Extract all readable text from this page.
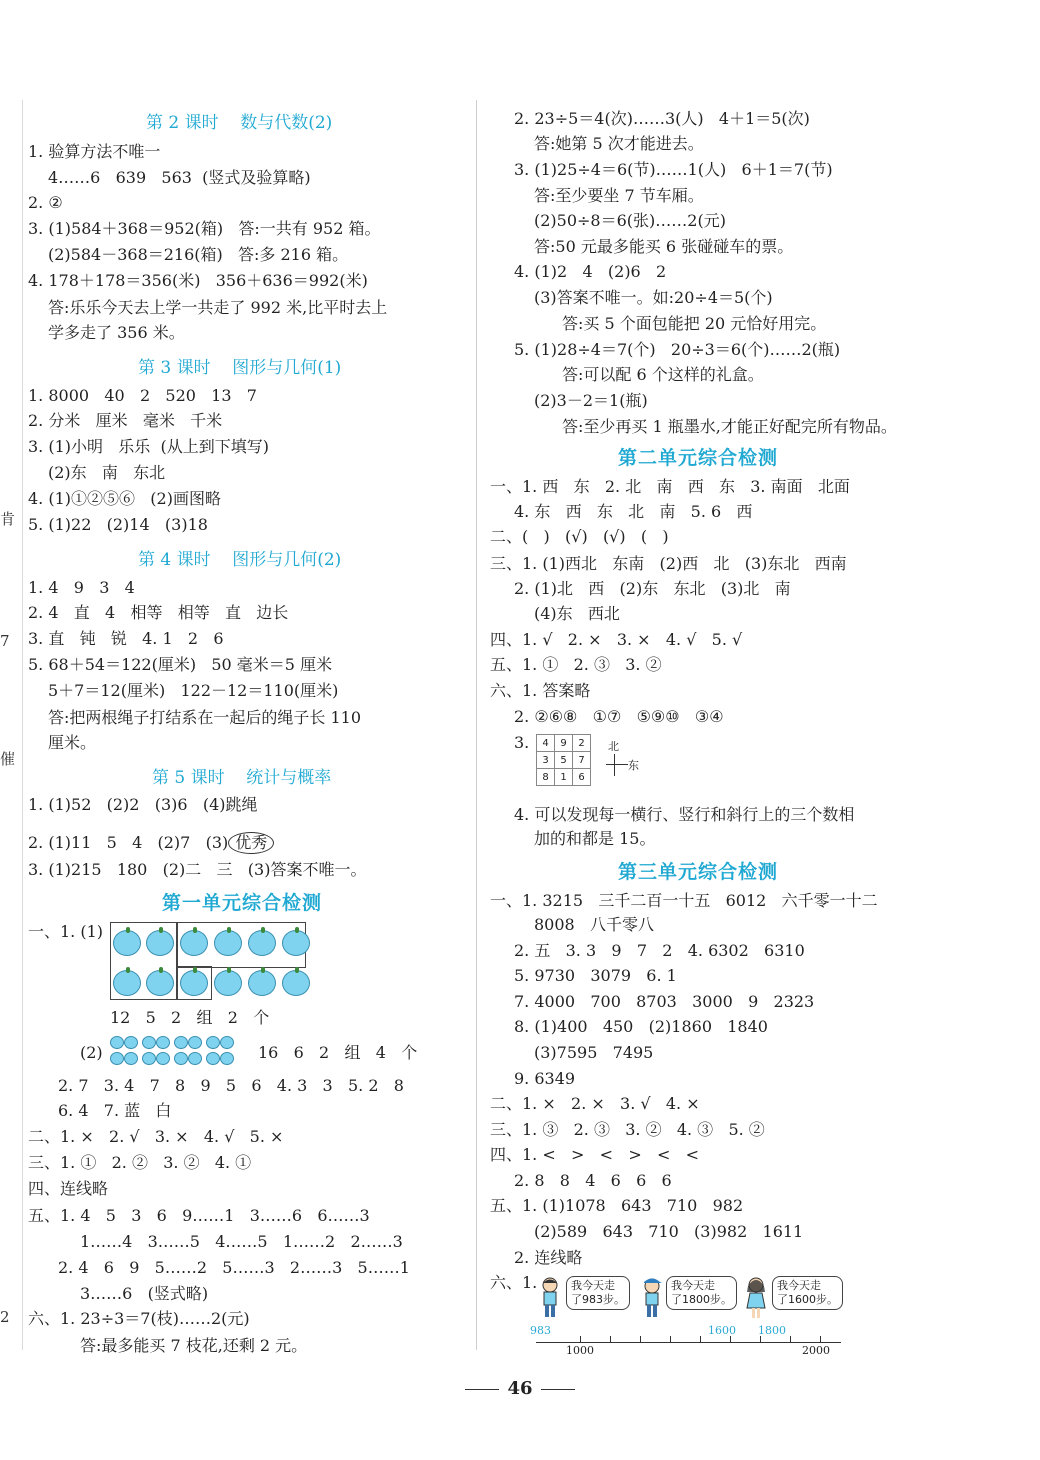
肯
7
催
2
第 2 课时    数与代数(2)
1. 验算方法不唯一
4……6   639   563  (竖式及验算略)
2. ②
3. (1)584＋368＝952(箱)   答:一共有 952 箱。
(2)584－368＝216(箱)   答:多 216 箱。
4. 178＋178＝356(米)   356＋636＝992(米)
答:乐乐今天去上学一共走了 992 米,比平时去上
学多走了 356 米。
第 3 课时    图形与几何(1)
1. 8000   40   2   520   13   7
2. 分米   厘米   毫米   千米
3. (1)小明   乐乐  (从上到下填写)
(2)东   南   东北
4. (1)①②⑤⑥   (2)画图略
5. (1)22   (2)14   (3)18
第 4 课时    图形与几何(2)
1. 4   9   3   4
2. 4   直   4   相等   相等   直   边长
3. 直   钝   锐   4. 1   2   6
5. 68＋54＝122(厘米)   50 毫米＝5 厘米
5＋7＝12(厘米)   122－12＝110(厘米)
答:把两根绳子打结系在一起后的绳子长 110
厘米。
第 5 课时    统计与概率
1. (1)52   (2)2   (3)6   (4)跳绳
2. (1)11   5   4   (2)7   (3) 优秀
3. (1)215   180   (2)二   三   (3)答案不唯一。
第一单元综合检测
一、1. (1)
12   5   2   组   2   个
(2)	16   6   2   组   4   个
2. 7   3. 4   7   8   9   5   6   4. 3   3   5. 2   8
6. 4   7. 蓝   白
二、1. ×   2. √   3. ×   4. √   5. ×
三、1. ①   2. ②   3. ②   4. ①
四、连线略
五、1. 4   5   3   6   9……1   3……6   6……3
1……4   3……5   4……5   1……2   2……3
2. 4   6   9   5……2   5……3   2……3   5……1
3……6   (竖式略)
六、1. 23÷3＝7(枝)……2(元)
答:最多能买 7 枝花,还剩 2 元。
2. 23÷5＝4(次)……3(人)   4＋1＝5(次)
答:她第 5 次才能进去。
3. (1)25÷4＝6(节)……1(人)   6＋1＝7(节)
答:至少要坐 7 节车厢。
(2)50÷8＝6(张)……2(元)
答:50 元最多能买 6 张碰碰车的票。
4. (1)2   4   (2)6   2
(3)答案不唯一。如:20÷4＝5(个)
答:买 5 个面包能把 20 元恰好用完。
5. (1)28÷4＝7(个)   20÷3＝6(个)……2(瓶)
答:可以配 6 个这样的礼盒。
(2)3－2＝1(瓶)
答:至少再买 1 瓶墨水,才能正好配完所有物品。
第二单元综合检测
一、1. 西   东   2. 北   南   西   东   3. 南面   北面
4. 东   西   东   北   南   5. 6   西
二、(   )   (√)   (√)   (   )
三、1. (1)西北   东南   (2)西   北   (3)东北   西南
2. (1)北   西   (2)东   东北   (3)北   南
(4)东   西北
四、1. √   2. ×   3. ×   4. √   5. √
五、1. ①   2. ③   3. ②
六、1. 答案略
2. ②⑥⑧   ①⑦   ⑤⑨⑩   ③④
3. 4	9	2
3	5	7
8	1	6
北
东
4. 可以发现每一横行、竖行和斜行上的三个数相
加的和都是 15。
第三单元综合检测
一、1. 3215   三千二百一十五   6012   六千零一十二
8008   八千零八
2. 五   3. 3   9   7   2   4. 6302   6310
5. 9730   3079   6. 1
7. 4000   700   8703   3000   9   2323
8. (1)400   450   (2)1860   1840
(3)7595   7495
9. 6349
二、1. ×   2. ×   3. √   4. ×
三、1. ③   2. ③   3. ②   4. ③   5. ②
四、1. <   >   <   >   <   <
2. 8   8   4   6   6   6
五、1. (1)1078   643   710   982
(2)589   643   710   (3)982   1611
2. 连线略
六、1.	我今天走
了983步。
我今天走
了1800步。
我今天走
了1600步。
983	1600 1800
1000	2000
46
